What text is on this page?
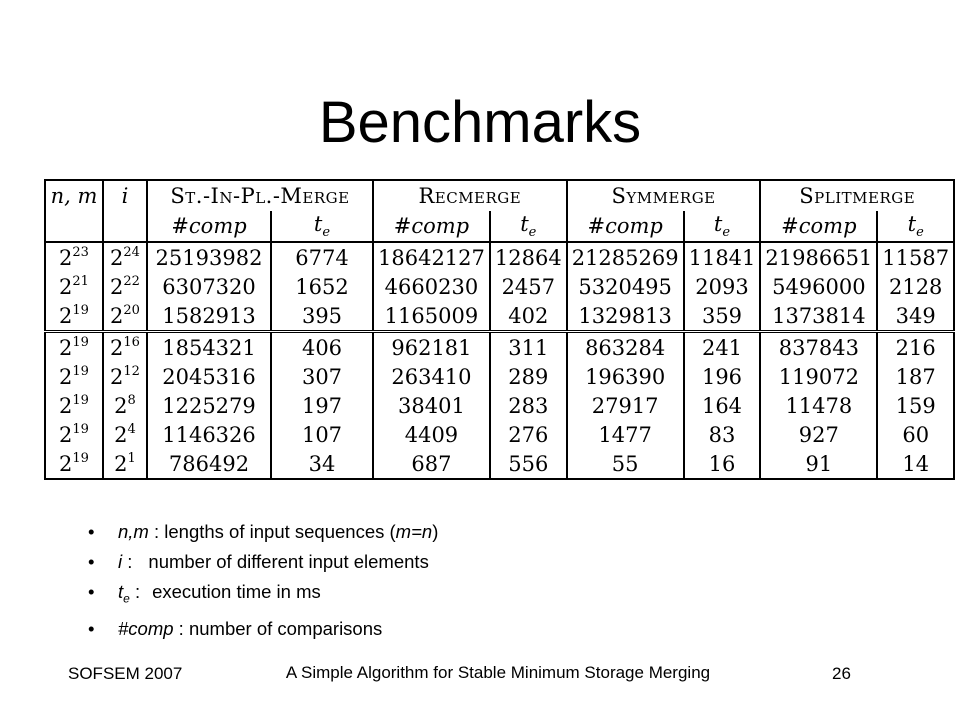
Benchmarks
n, m	i	St.-In-Pl.-Merge		Recmerge		Symmerge		Splitmerge	
		#comp	$t_e$	#comp	$t_e$	#comp	$t_e$	#comp	$t_e$
$2^{23}$	$2^{24}$	25193982	6774	18642127	12864	21285269	11841	21986651	11587
$2^{21}$	$2^{22}$	6307320	1652	4660230	2457	5320495	2093	5496000	2128
$2^{19}$	$2^{20}$	1582913	395	1165009	402	1329813	359	1373814	349
$2^{19}$	$2^{16}$	1854321	406	962181	311	863284	241	837843	216
$2^{19}$	$2^{12}$	2045316	307	263410	289	196390	196	119072	187
$2^{19}$	$2^8$	1225279	197	38401	283	27917	164	11478	159
$2^{19}$	$2^4$	1146326	107	4409	276	1477	83	927	60
$2^{19}$	$2^1$	786492	34	687	556	55	16	91	14
• n,m : lengths of input sequences (m=n)
• i : number of different input elements
• $t_e$ : execution time in ms
• #comp : number of comparisons
SOFSEM 2007	A Simple Algorithm for Stable Minimum Storage Merging	26
